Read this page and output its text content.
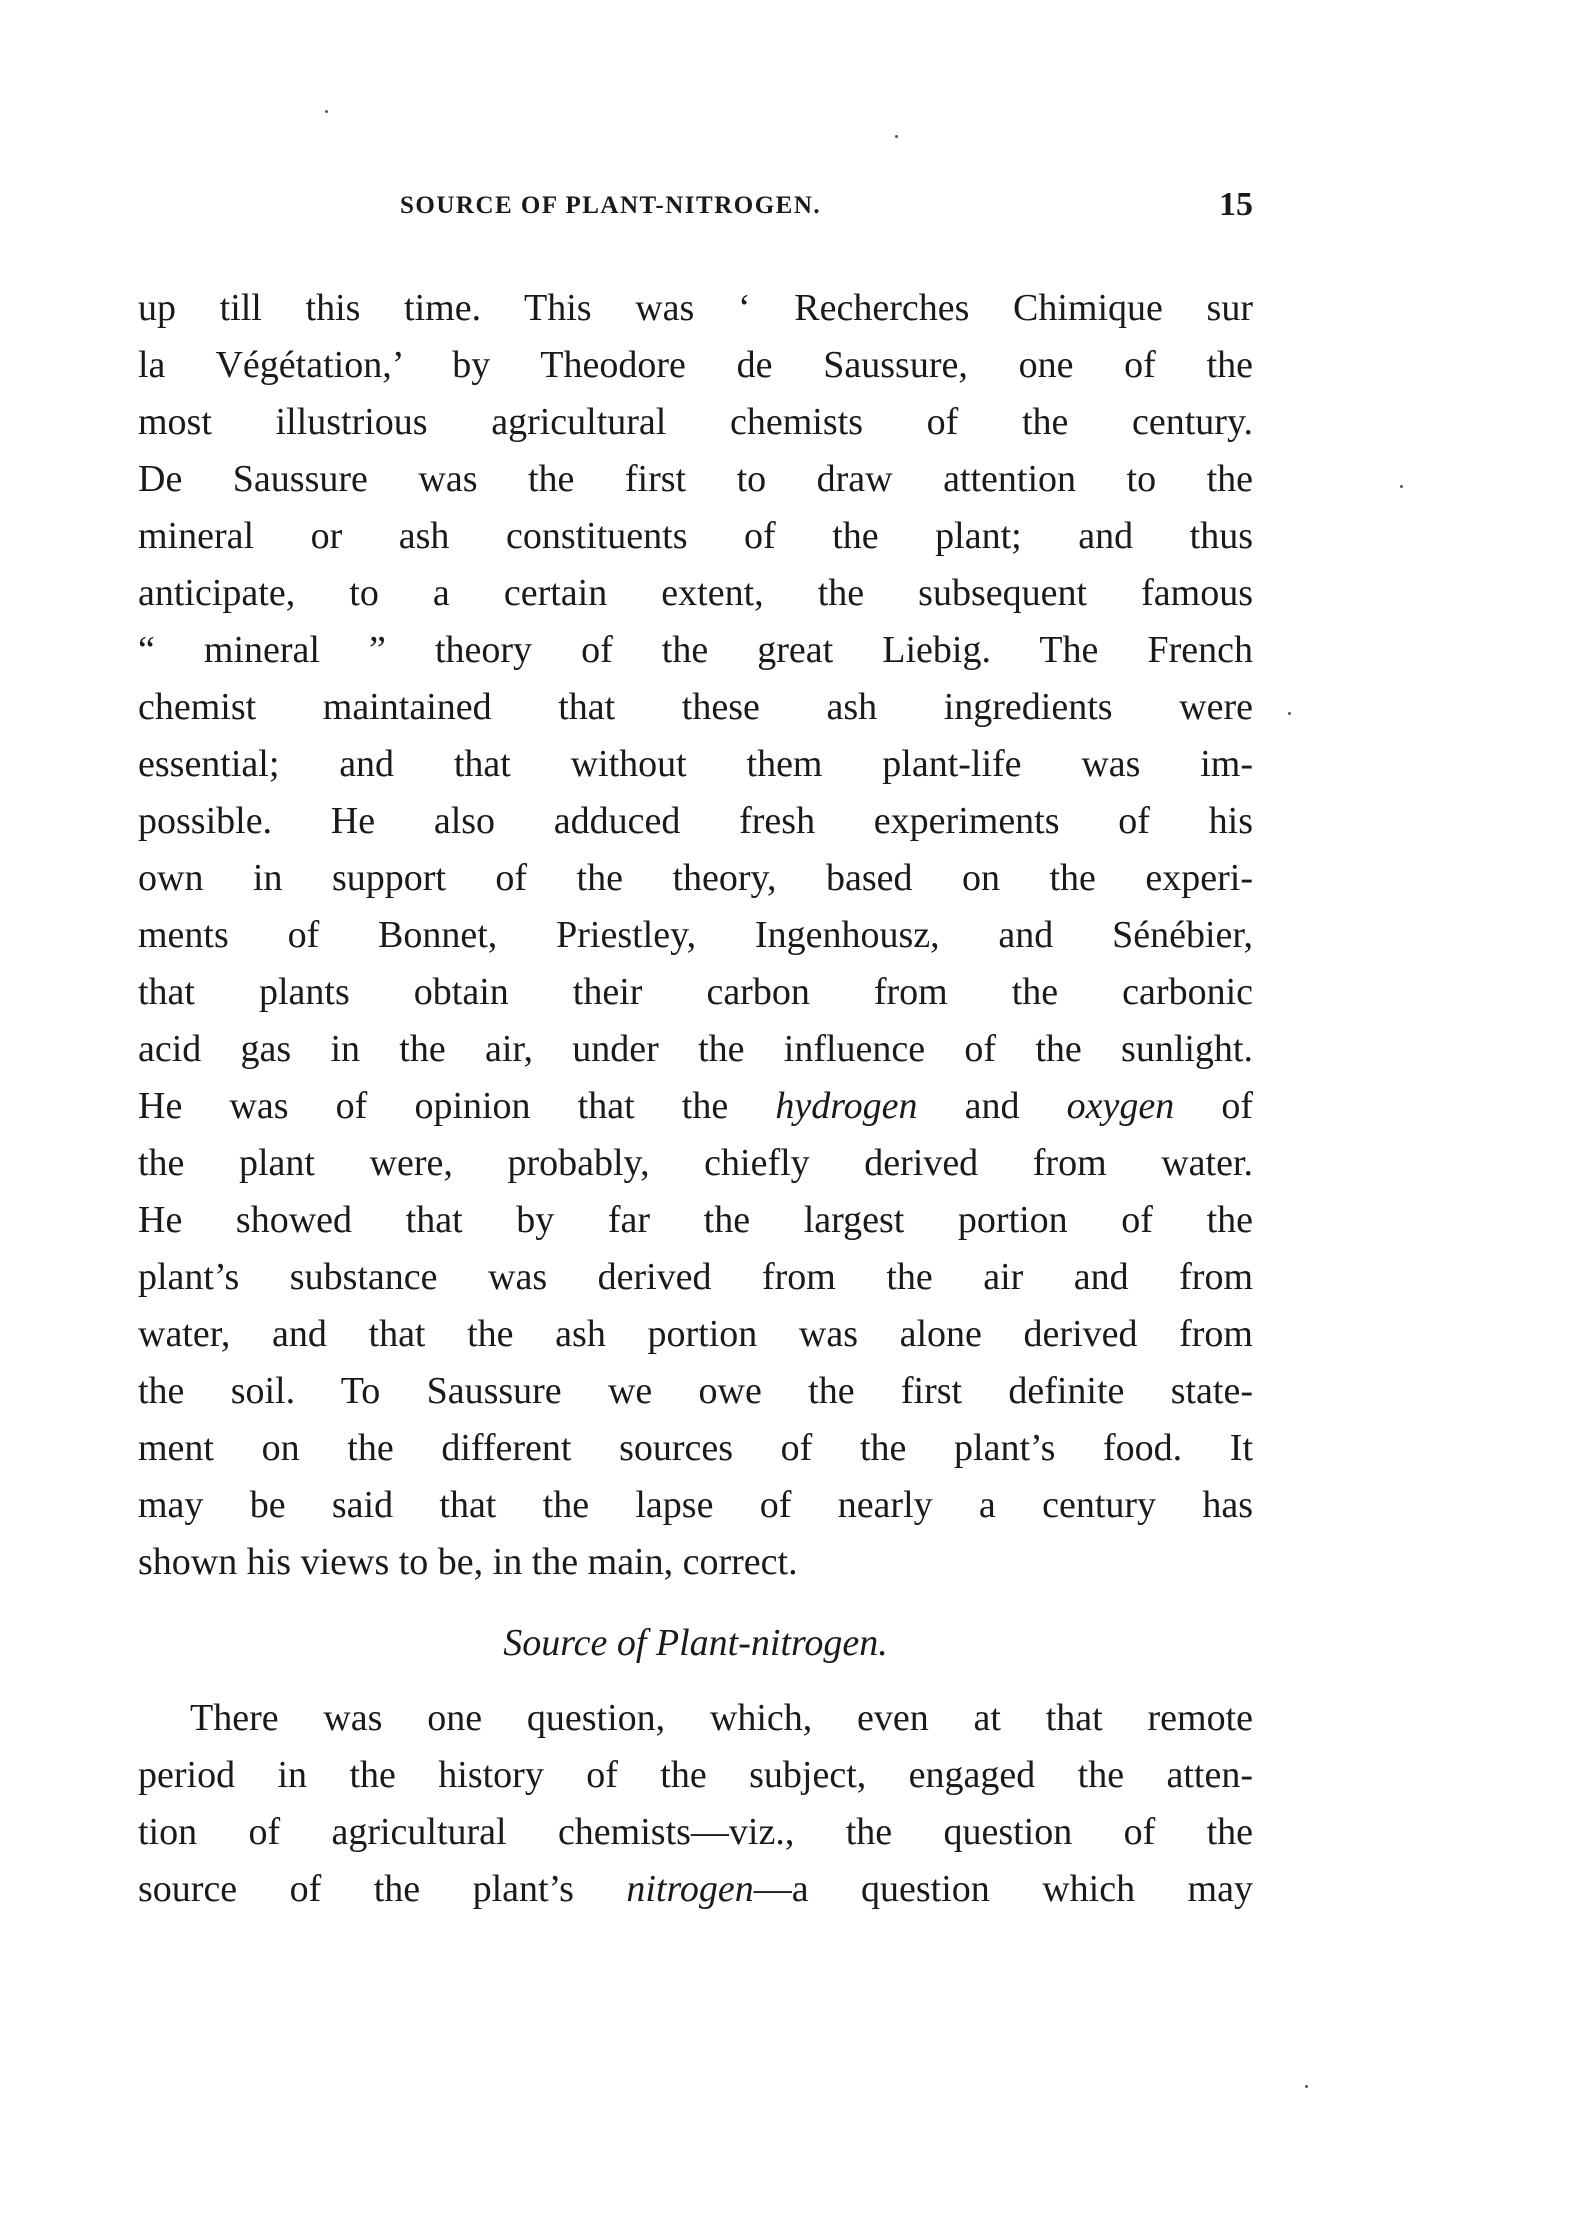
SOURCE OF PLANT-NITROGEN.	15
up till this time. This was ‘ Recherches Chimique sur
la Végétation,’ by Theodore de Saussure, one of the
most illustrious agricultural chemists of the century.
De Saussure was the first to draw attention to the
mineral or ash constituents of the plant; and thus
anticipate, to a certain extent, the subsequent famous
“ mineral ” theory of the great Liebig. The French
chemist maintained that these ash ingredients were
essential; and that without them plant-life was im-
possible. He also adduced fresh experiments of his
own in support of the theory, based on the experi-
ments of Bonnet, Priestley, Ingenhousz, and Sénébier,
that plants obtain their carbon from the carbonic
acid gas in the air, under the influence of the sunlight.
He was of opinion that the hydrogen and oxygen of
the plant were, probably, chiefly derived from water.
He showed that by far the largest portion of the
plant’s substance was derived from the air and from
water, and that the ash portion was alone derived from
the soil. To Saussure we owe the first definite state-
ment on the different sources of the plant’s food. It
may be said that the lapse of nearly a century has
shown his views to be, in the main, correct.
Source of Plant-nitrogen.
There was one question, which, even at that remote
period in the history of the subject, engaged the atten-
tion of agricultural chemists—viz., the question of the
source of the plant’s nitrogen—a question which may
